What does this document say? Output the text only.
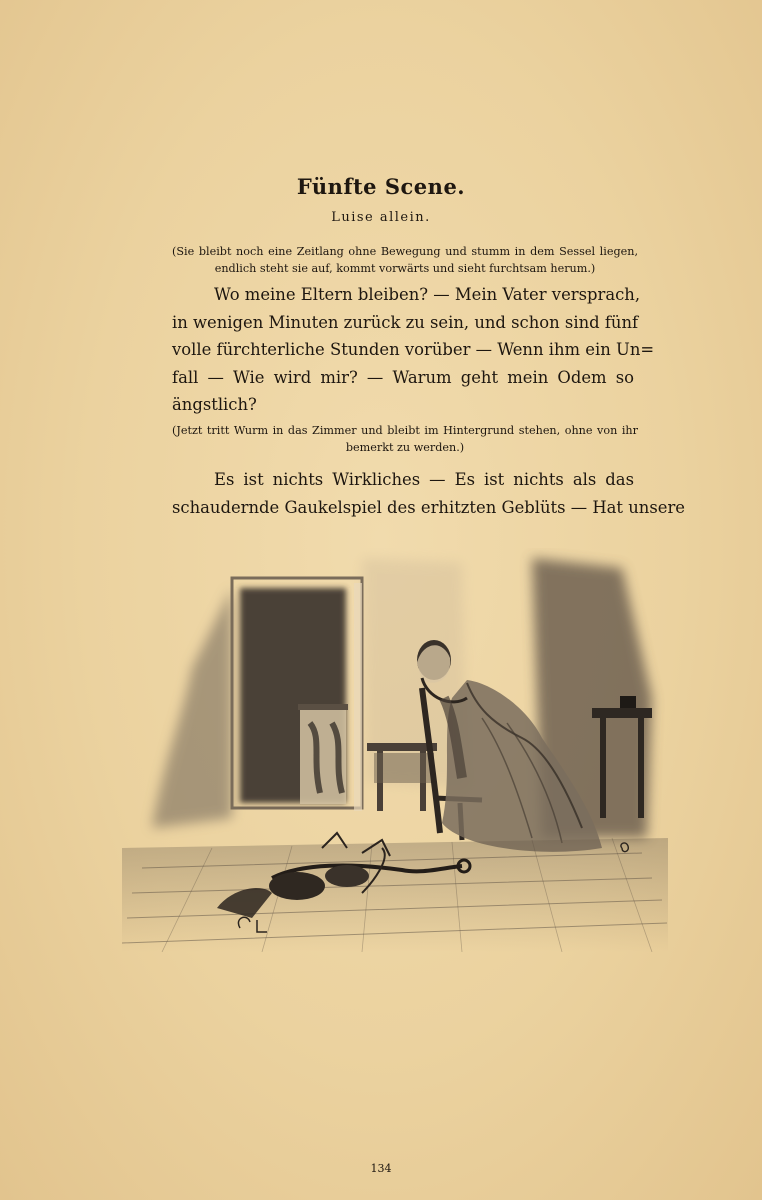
Fünfte Scene.
Luise allein.
(Sie bleibt noch eine Zeitlang ohne Bewegung und stumm in dem Sessel liegen, endlich steht sie auf, kommt vorwärts und sieht furchtsam herum.)
Wo meine Eltern bleiben? — Mein Vater versprach,
in wenigen Minuten zurück zu sein, und schon sind fünf
volle fürchterliche Stunden vorüber — Wenn ihm ein Un=
fall — Wie wird mir? — Warum geht mein Odem so
ängstlich?
(Jetzt tritt Wurm in das Zimmer und bleibt im Hintergrund stehen, ohne von ihr bemerkt zu werden.)
Es ist nichts Wirkliches — Es ist nichts als das
schaudernde Gaukelspiel des erhitzten Geblüts — Hat unsere
134
